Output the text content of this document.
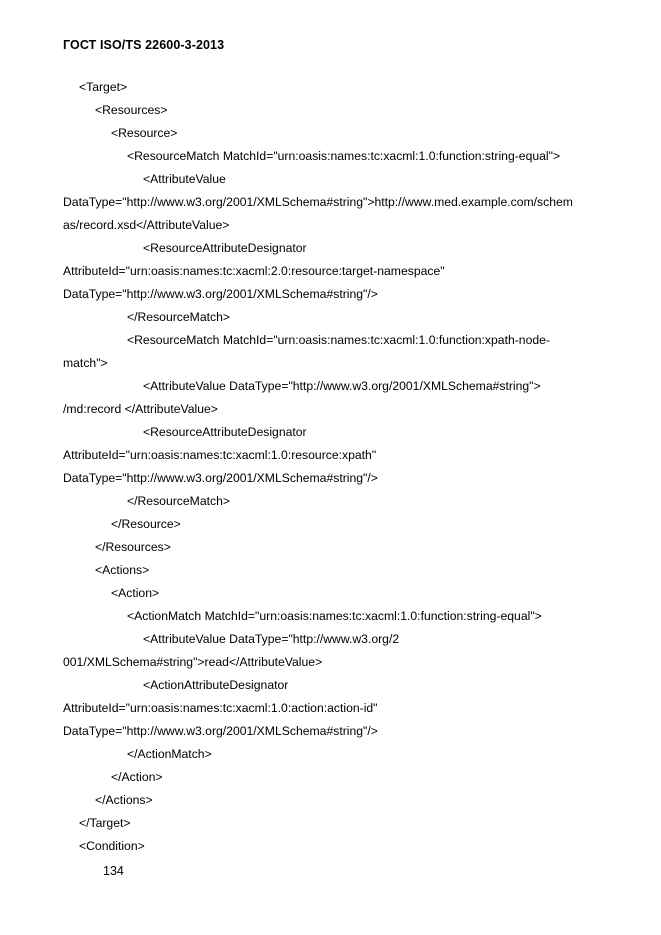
ГОСТ ISO/TS 22600-3-2013
<Target>
<Resources>
<Resource>
<ResourceMatch MatchId="urn:oasis:names:tc:xacml:1.0:function:string-equal">
<AttributeValue
DataType="http://www.w3.org/2001/XMLSchema#string">http://www.med.example.com/schem
as/record.xsd</AttributeValue>
<ResourceAttributeDesignator
AttributeId="urn:oasis:names:tc:xacml:2.0:resource:target-namespace"
DataType="http://www.w3.org/2001/XMLSchema#string"/>
</ResourceMatch>
<ResourceMatch MatchId="urn:oasis:names:tc:xacml:1.0:function:xpath-node-
match">
<AttributeValue DataType="http://www.w3.org/2001/XMLSchema#string">
/md:record </AttributeValue>
<ResourceAttributeDesignator
AttributeId="urn:oasis:names:tc:xacml:1.0:resource:xpath"
DataType="http://www.w3.org/2001/XMLSchema#string"/>
</ResourceMatch>
</Resource>
</Resources>
<Actions>
<Action>
<ActionMatch MatchId="urn:oasis:names:tc:xacml:1.0:function:string-equal">
<AttributeValue DataType="http://www.w3.org/2
001/XMLSchema#string">read</AttributeValue>
<ActionAttributeDesignator
AttributeId="urn:oasis:names:tc:xacml:1.0:action:action-id"
DataType="http://www.w3.org/2001/XMLSchema#string"/>
</ActionMatch>
</Action>
</Actions>
</Target>
<Condition>
134
